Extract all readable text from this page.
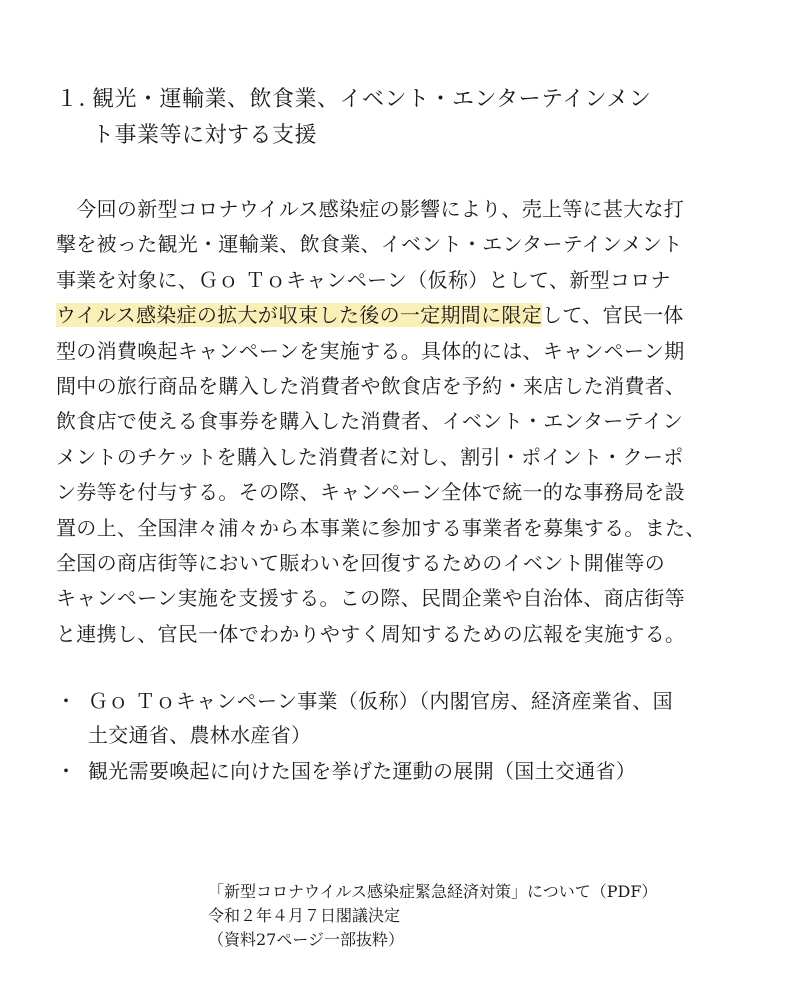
１．観光・運輸業、飲食業、イベント・エンターテインメン
ト事業等に対する支援
　今回の新型コロナウイルス感染症の影響により、売上等に甚大な打
撃を被った観光・運輸業、飲食業、イベント・エンターテインメント
事業を対象に、Ｇｏ Ｔｏキャンペーン（仮称）として、新型コロナ
ウイルス感染症の拡大が収束した後の一定期間に限定して、官民一体
型の消費喚起キャンペーンを実施する。具体的には、キャンペーン期
間中の旅行商品を購入した消費者や飲食店を予約・来店した消費者、
飲食店で使える食事券を購入した消費者、イベント・エンターテイン
メントのチケットを購入した消費者に対し、割引・ポイント・クーポ
ン券等を付与する。その際、キャンペーン全体で統一的な事務局を設
置の上、全国津々浦々から本事業に参加する事業者を募集する。また、
全国の商店街等において賑わいを回復するためのイベント開催等の
キャンペーン実施を支援する。この際、民間企業や自治体、商店街等
と連携し、官民一体でわかりやすく周知するための広報を実施する。
・ Ｇｏ Ｔｏキャンペーン事業（仮称）（内閣官房、経済産業省、国
土交通省、農林水産省）
・ 観光需要喚起に向けた国を挙げた運動の展開（国土交通省）
「新型コロナウイルス感染症緊急経済対策」について（PDF）
令和２年４月７日閣議決定
（資料27ページ一部抜粋）
